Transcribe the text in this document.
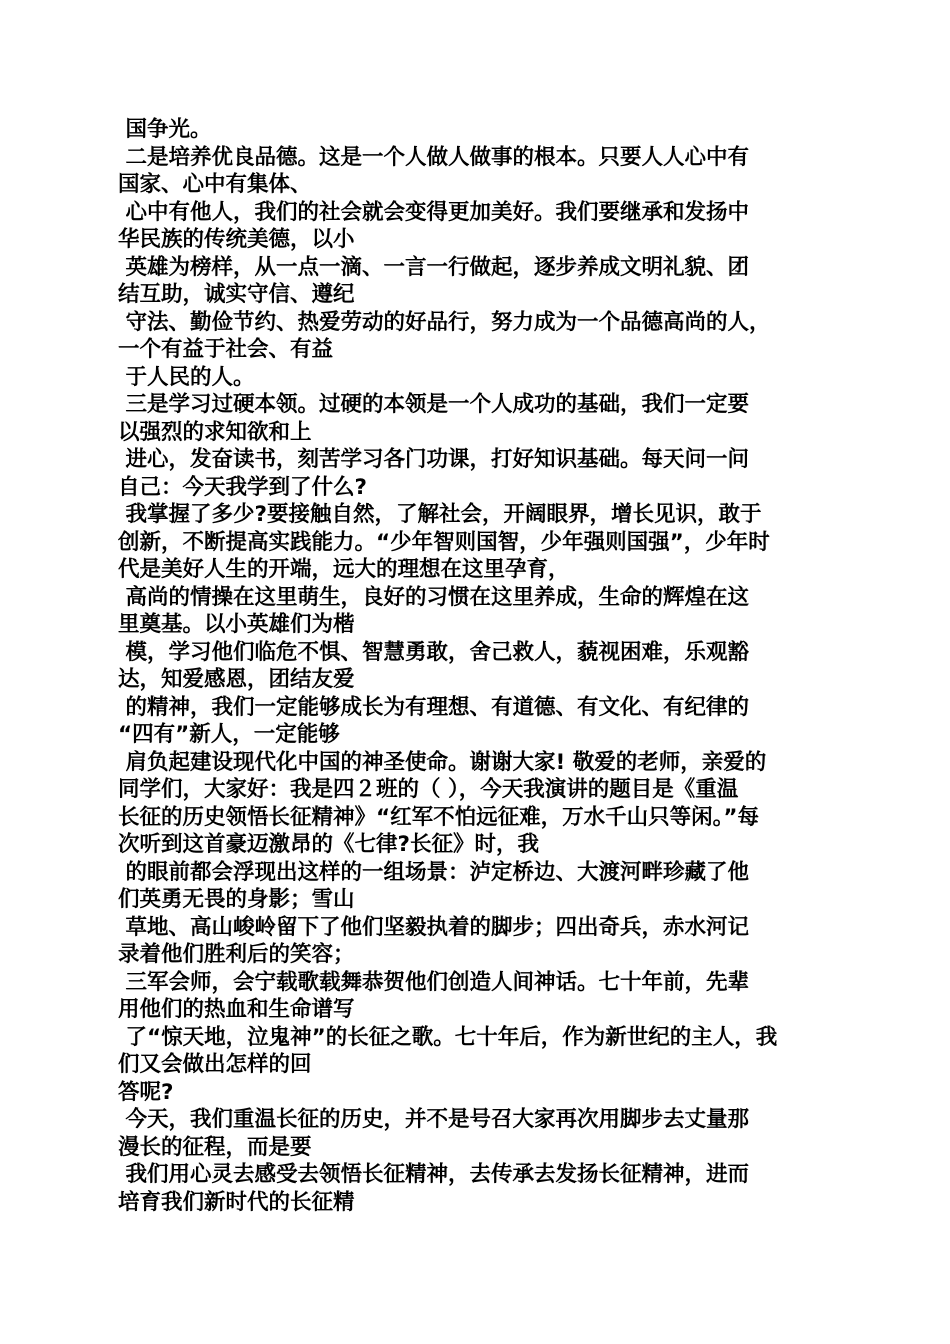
国争光。
二是培养优良品德。这是一个人做人做事的根本。只要人人心中有
国家、心中有集体、
心中有他人，我们的社会就会变得更加美好。我们要继承和发扬中
华民族的传统美德，以小
英雄为榜样，从一点一滴、一言一行做起，逐步养成文明礼貌、团
结互助，诚实守信、遵纪
守法、勤俭节约、热爱劳动的好品行，努力成为一个品德高尚的人，
一个有益于社会、有益
于人民的人。
三是学习过硬本领。过硬的本领是一个人成功的基础，我们一定要
以强烈的求知欲和上
进心，发奋读书，刻苦学习各门功课，打好知识基础。每天问一问
自己：今天我学到了什么?
我掌握了多少?要接触自然，了解社会，开阔眼界，增长见识，敢于
创新，不断提高实践能力。“少年智则国智，少年强则国强”，少年时
代是美好人生的开端，远大的理想在这里孕育，
高尚的情操在这里萌生，良好的习惯在这里养成，生命的辉煌在这
里奠基。以小英雄们为楷
模，学习他们临危不惧、智慧勇敢，舍己救人，藐视困难，乐观豁
达，知爱感恩，团结友爱
的精神，我们一定能够成长为有理想、有道德、有文化、有纪律的
“四有”新人，一定能够
肩负起建设现代化中国的神圣使命。谢谢大家! 敬爱的老师，亲爱的
同学们，大家好：我是四２班的（ ），今天我演讲的题目是《重温
长征的历史领悟长征精神》“红军不怕远征难，万水千山只等闲。”每
次听到这首豪迈激昂的《七律?长征》时，我
的眼前都会浮现出这样的一组场景：泸定桥边、大渡河畔珍藏了他
们英勇无畏的身影；雪山
草地、高山峻岭留下了他们坚毅执着的脚步；四出奇兵，赤水河记
录着他们胜利后的笑容；
三军会师，会宁载歌载舞恭贺他们创造人间神话。七十年前，先辈
用他们的热血和生命谱写
了“惊天地，泣鬼神”的长征之歌。七十年后，作为新世纪的主人，我
们又会做出怎样的回
答呢?
今天，我们重温长征的历史，并不是号召大家再次用脚步去丈量那
漫长的征程，而是要
我们用心灵去感受去领悟长征精神，去传承去发扬长征精神，进而
培育我们新时代的长征精
